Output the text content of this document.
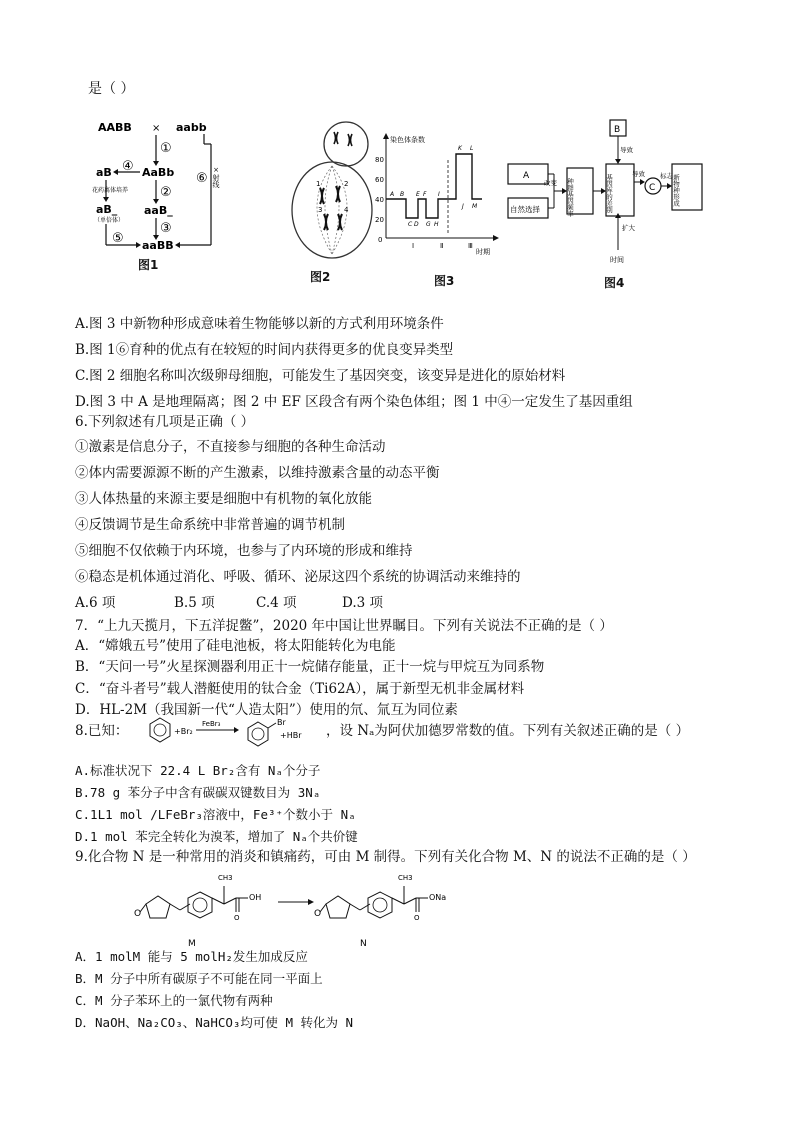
是（ ）
AABB × aabb
①
⑥ ×射线
AaBb
④
aB
②
aaB_
花药离体培养
aB_
（单倍体）
③
⑤ aaBB
图1
1	2
3	4
图2
染色体条数
80
60
40
20
0
A B
C D
E F
G H
I
J
K L
M
Ⅰ	Ⅱ	Ⅲ
时期
图3
A
自然选择
改变 种群基因频率	基因库的差别
B
导致
导致
C
标志 新物种形成
扩大
时间
图4
A.图 3 中新物种形成意味着生物能够以新的方式利用环境条件
B.图 1⑥育种的优点有在较短的时间内获得更多的优良变异类型
C.图 2 细胞名称叫次级卵母细胞，可能发生了基因突变，该变异是进化的原始材料
D.图 3 中 A 是地理隔离；图 2 中 EF 区段含有两个染色体组；图 1 中④一定发生了基因重组
6.下列叙述有几项是正确（ ）
①激素是信息分子，不直接参与细胞的各种生命活动
②体内需要源源不断的产生激素，以维持激素含量的动态平衡
③人体热量的来源主要是细胞中有机物的氧化放能
④反馈调节是生命系统中非常普遍的调节机制
⑤细胞不仅依赖于内环境，也参与了内环境的形成和维持
⑥稳态是机体通过消化、呼吸、循环、泌尿这四个系统的协调活动来维持的
A.6 项	B.5 项	C.4 项	D.3 项
7．“上九天揽月，下五洋捉鳖”，2020 年中国让世界瞩目。下列有关说法不正确的是（ ）
A．“嫦娥五号”使用了硅电池板，将太阳能转化为电能
B．“天问一号”火星探测器利用正十一烷储存能量，正十一烷与甲烷互为同系物
C．“奋斗者号”载人潜艇使用的钛合金（Ti62A），属于新型无机非金属材料
D．HL-2M（我国新一代“人造太阳”）使用的氘、氚互为同位素
8.已知：	+Br₂
FeBr₃	Br
+HBr ，设 Nₐ为阿伏加德罗常数的值。下列有关叙述正确的是（ ）
A.标准状况下 22.4 L Br₂含有 Nₐ个分子
B.78 g 苯分子中含有碳碳双键数目为 3Nₐ
C.1L1 mol /LFeBr₃溶液中，Fe³⁺个数小于 Nₐ
D.1 mol 苯完全转化为溴苯，增加了 Nₐ个共价键
9.化合物 N 是一种常用的消炎和镇痛药，可由 M 制得。下列有关化合物 M、N 的说法不正确的是（ ）
O
CH3
O
OH
M
O
CH3
O
ONa
N
A．1 molM 能与 5 molH₂发生加成反应
B．M 分子中所有碳原子不可能在同一平面上
C．M 分子苯环上的一氯代物有两种
D．NaOH、Na₂CO₃、NaHCO₃均可使 M 转化为 N
